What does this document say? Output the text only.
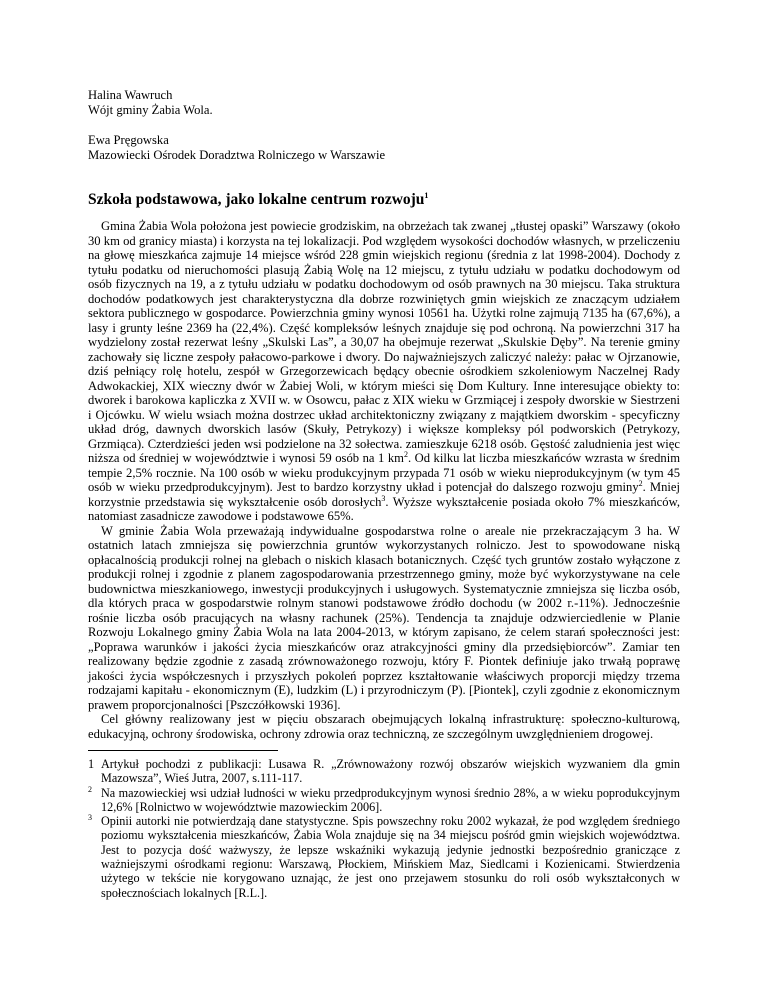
Halina Wawruch
Wójt gminy Żabia Wola.
Ewa Pręgowska
Mazowiecki Ośrodek Doradztwa Rolniczego w Warszawie
Szkoła podstawowa, jako lokalne centrum rozwoju$^1$

Gmina Żabia Wola położona jest powiecie grodziskim, na obrzeżach tak zwanej „tłustej opaski” Warszawy (około 30 km od granicy miasta) i korzysta na tej lokalizacji. Pod względem wysokości dochodów własnych, w przeliczeniu na głowę mieszkańca zajmuje 14 miejsce wśród 228 gmin wiejskich regionu (średnia z lat 1998-2004). Dochody z tytułu podatku od nieruchomości plasują Żabią Wolę na 12 miejscu, z tytułu udziału w podatku dochodowym od osób fizycznych na 19, a z tytułu udziału w podatku dochodowym od osób prawnych na 30 miejscu. Taka struktura dochodów podatkowych jest charakterystyczna dla dobrze rozwiniętych gmin wiejskich ze znaczącym udziałem sektora publicznego w gospodarce. Powierzchnia gminy wynosi 10561 ha. Użytki rolne zajmują 7135 ha (67,6%), a lasy i grunty leśne 2369 ha (22,4%). Część kompleksów leśnych znajduje się pod ochroną. Na powierzchni 317 ha wydzielony został rezerwat leśny „Skulski Las”, a 30,07 ha obejmuje rezerwat „Skulskie Dęby”. Na terenie gminy zachowały się liczne zespoły pałacowo-parkowe i dwory. Do najważniejszych zaliczyć należy: pałac w Ojrzanowie, dziś pełniący rolę hotelu, zespół w Grzegorzewicach będący obecnie ośrodkiem szkoleniowym Naczelnej Rady Adwokackiej, XIX wieczny dwór w Żabiej Woli, w którym mieści się Dom Kultury. Inne interesujące obiekty to: dworek i barokowa kapliczka z XVII w. w Osowcu, pałac z XIX wieku w Grzmiącej i zespoły dworskie w Siestrzeni i Ojcówku. W wielu wsiach można dostrzec układ architektoniczny związany z majątkiem dworskim - specyficzny układ dróg, dawnych dworskich lasów (Skuły, Petrykozy) i większe kompleksy pól podworskich (Petrykozy, Grzmiąca). Czterdzieści jeden wsi podzielone na 32 sołectwa. zamieszkuje 6218 osób. Gęstość zaludnienia jest więc niższa od średniej w województwie i wynosi 59 osób na 1 $km^2$. Od kilku lat liczba mieszkańców wzrasta w średnim tempie 2,5% rocznie. Na 100 osób w wieku produkcyjnym przypada 71 osób w wieku nieprodukcyjnym (w tym 45 osób w wieku przedprodukcyjnym). Jest to bardzo korzystny układ i potencjał do dalszego rozwoju gminy$^2$. Mniej korzystnie przedstawia się wykształcenie osób dorosłych$^3$. Wyższe wykształcenie posiada około 7% mieszkańców, natomiast zasadnicze zawodowe i podstawowe 65%.

W gminie Żabia Wola przeważają indywidualne gospodarstwa rolne o areale nie przekraczającym 3 ha. W ostatnich latach zmniejsza się powierzchnia gruntów wykorzystanych rolniczo. Jest to spowodowane niską opłacalnością produkcji rolnej na glebach o niskich klasach botanicznych. Część tych gruntów zostało wyłączone z produkcji rolnej i zgodnie z planem zagospodarowania przestrzennego gminy, może być wykorzystywane na cele budownictwa mieszkaniowego, inwestycji produkcyjnych i usługowych. Systematycznie zmniejsza się liczba osób, dla których praca w gospodarstwie rolnym stanowi podstawowe źródło dochodu (w 2002 r.-11%). Jednocześnie rośnie liczba osób pracujących na własny rachunek (25%). Tendencja ta znajduje odzwierciedlenie w Planie Rozwoju Lokalnego gminy Żabia Wola na lata 2004-2013, w którym zapisano, że celem starań społeczności jest: „Poprawa warunków i jakości życia mieszkańców oraz atrakcyjności gminy dla przedsiębiorców”. Zamiar ten realizowany będzie zgodnie z zasadą zrównoważonego rozwoju, który F. Piontek definiuje jako trwałą poprawę jakości życia współczesnych i przyszłych pokoleń poprzez kształtowanie właściwych proporcji między trzema rodzajami kapitału - ekonomicznym (E), ludzkim (L) i przyrodniczym (P). [Piontek], czyli zgodnie z ekonomicznym prawem proporcjonalności [Pszczółkowski 1936].

Cel główny realizowany jest w pięciu obszarach obejmujących lokalną infrastrukturę: społeczno-kulturową, edukacyjną, ochrony środowiska, ochrony zdrowia oraz techniczną, ze szczególnym uwzględnieniem drogowej.

1 Artykuł pochodzi z publikacji: Lusawa R. „Zrównoważony rozwój obszarów wiejskich wyzwaniem dla gmin Mazowsza”, Wieś Jutra, 2007, s.111-117.
$^2$ Na mazowieckiej wsi udział ludności w wieku przedprodukcyjnym wynosi średnio 28%, a w wieku poprodukcyjnym 12,6% [Rolnictwo w województwie mazowieckim 2006].
$^3$ Opinii autorki nie potwierdzają dane statystyczne. Spis powszechny roku 2002 wykazał, że pod względem średniego poziomu wykształcenia mieszkańców, Żabia Wola znajduje się na 34 miejscu pośród gmin wiejskich województwa. Jest to pozycja dość ważwyszy, że lepsze wskaźniki wykazują jedynie jednostki bezpośrednio graniczące z ważniejszymi ośrodkami regionu: Warszawą, Płockiem, Mińskiem Maz, Siedlcami i Kozienicami. Stwierdzenia użytego w tekście nie korygowano uznając, że jest ono przejawem stosunku do roli osób wykształconych w społecznościach lokalnych [R.L.].
